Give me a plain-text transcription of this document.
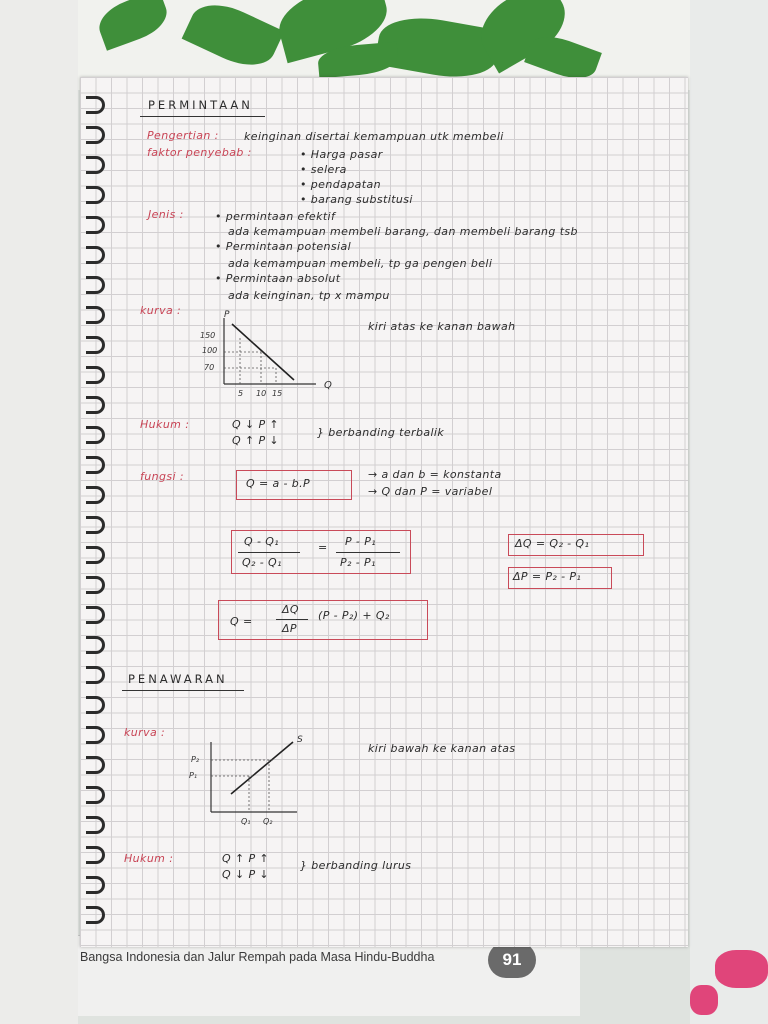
Bangsa Indonesia dan Jalur Rempah pada Masa Hindu-Buddha	91
PERMINTAAN
Pengertian : keinginan disertai kemampuan utk membeli
faktor penyebab :	• Harga pasar
• selera
• pendapatan
• barang substitusi
Jenis :	• permintaan efektif
ada kemampuan membeli barang, dan membeli barang tsb
• Permintaan potensial
ada kemampuan membeli, tp ga pengen beli
• Permintaan absolut
ada keinginan, tp x mampu
kurva :
kiri atas ke kanan bawah
P
Q
150
100
70
5 10 15
Hukum :	Q ↓ P ↑
Q ↑ P ↓
} berbanding terbalik
fungsi :
Q = a - b.P
→ a dan b = konstanta
→ Q dan P = variabel
Q - Q₁
Q₂ - Q₁
= P - P₁
P₂ - P₁
ΔQ = Q₂ - Q₁
ΔP = P₂ - P₁
Q =
ΔQ
ΔP
(P - P₂) + Q₂
PENAWARAN
kurva :
kiri bawah ke kanan atas
S
P₂
P₁
Q₁ Q₂
Hukum :	Q ↑ P ↑
Q ↓ P ↓
} berbanding lurus
